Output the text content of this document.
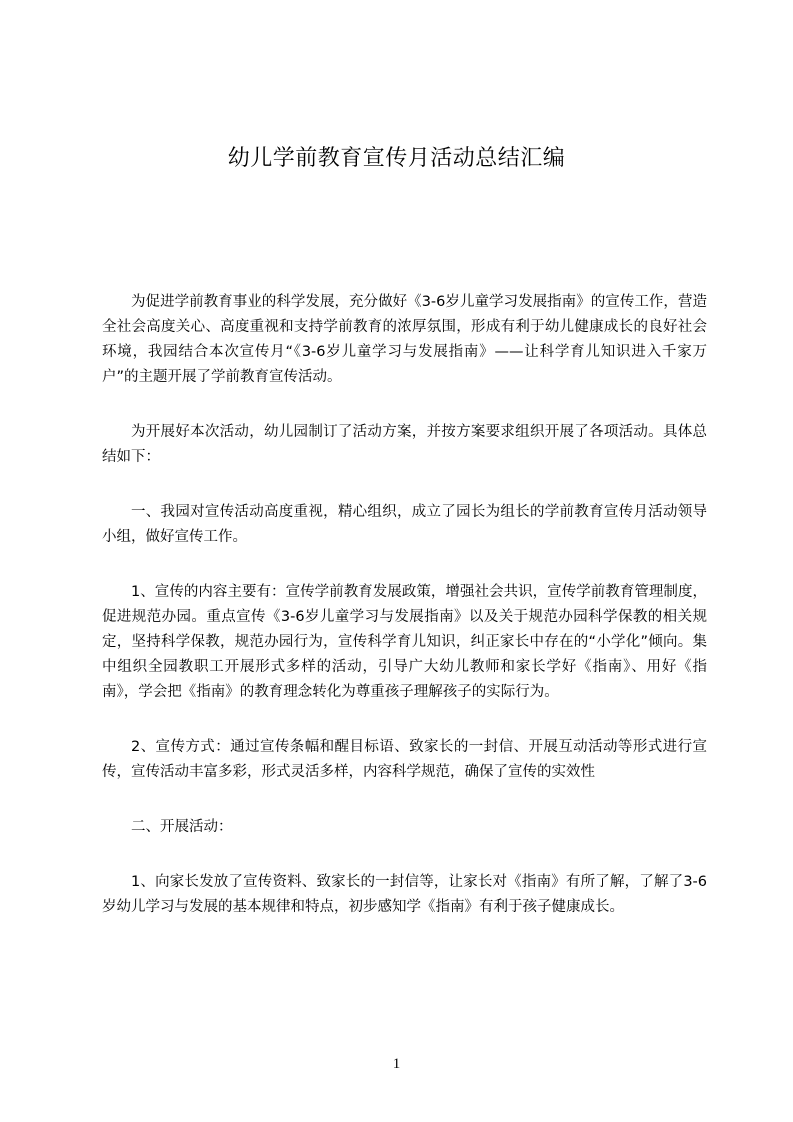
幼儿学前教育宣传月活动总结汇编

为促进学前教育事业的科学发展，充分做好《3-6岁儿童学习发展指南》的宣传工作，营造全社会高度关心、高度重视和支持学前教育的浓厚氛围，形成有利于幼儿健康成长的良好社会环境，我园结合本次宣传月“《3-6岁儿童学习与发展指南》——让科学育儿知识进入千家万户”的主题开展了学前教育宣传活动。

为开展好本次活动，幼儿园制订了活动方案，并按方案要求组织开展了各项活动。具体总结如下：

一、我园对宣传活动高度重视，精心组织，成立了园长为组长的学前教育宣传月活动领导小组，做好宣传工作。

1、宣传的内容主要有：宣传学前教育发展政策，增强社会共识，宣传学前教育管理制度，促进规范办园。重点宣传《3-6岁儿童学习与发展指南》以及关于规范办园科学保教的相关规定，坚持科学保教，规范办园行为，宣传科学育儿知识，纠正家长中存在的“小学化”倾向。集中组织全园教职工开展形式多样的活动，引导广大幼儿教师和家长学好《指南》、用好《指南》，学会把《指南》的教育理念转化为尊重孩子理解孩子的实际行为。

2、宣传方式：通过宣传条幅和醒目标语、致家长的一封信、开展互动活动等形式进行宣传，宣传活动丰富多彩，形式灵活多样，内容科学规范，确保了宣传的实效性

二、开展活动：

1、向家长发放了宣传资料、致家长的一封信等，让家长对《指南》有所了解，了解了3-6岁幼儿学习与发展的基本规律和特点，初步感知学《指南》有利于孩子健康成长。

1
